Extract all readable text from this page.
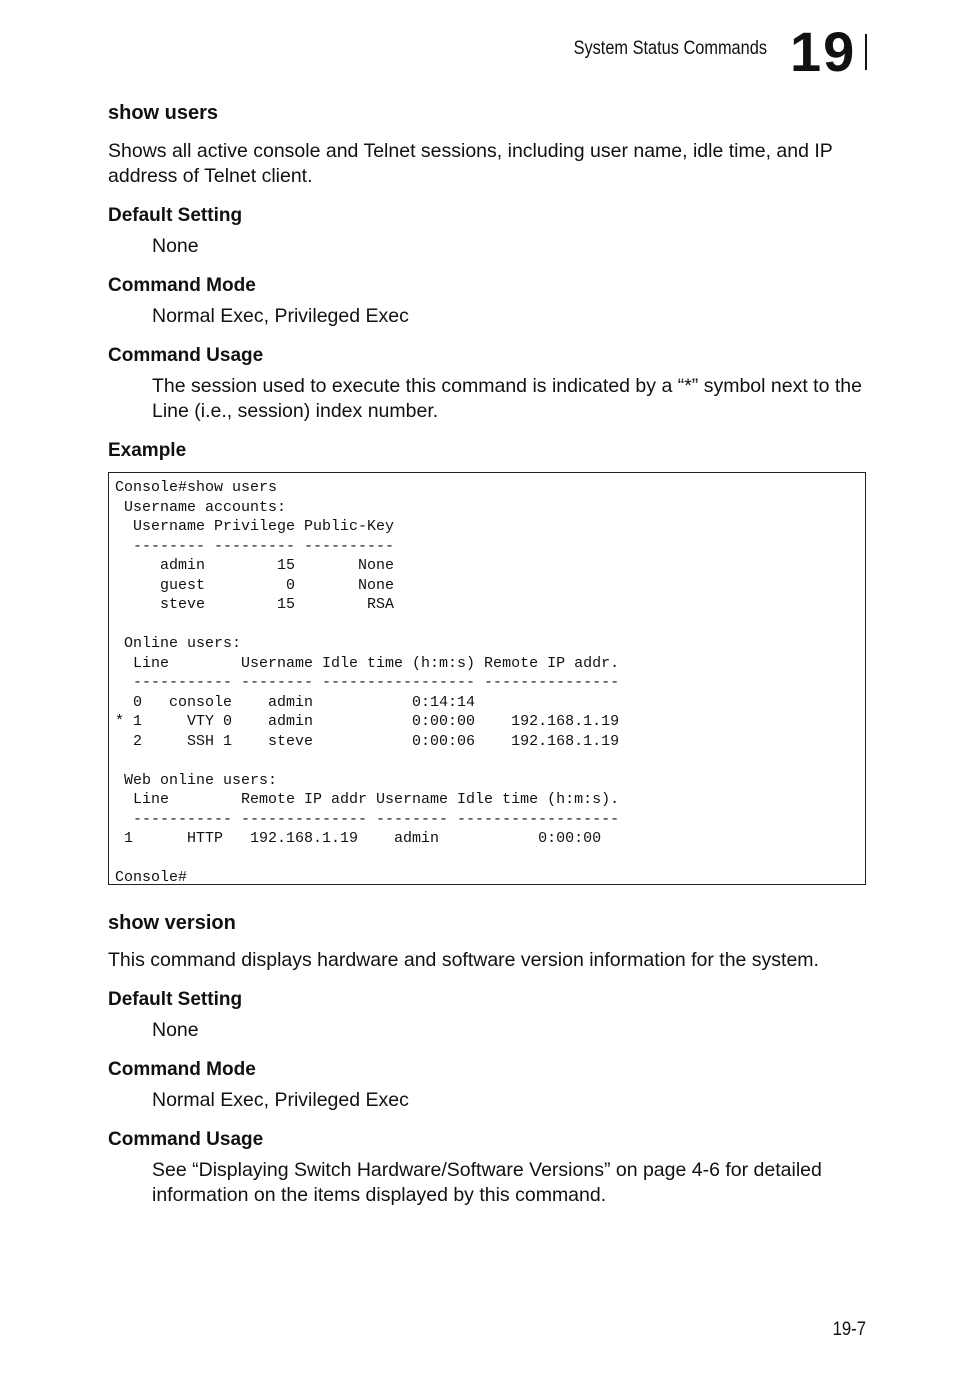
System Status Commands 19
show users
Shows all active console and Telnet sessions, including user name, idle time, and IP address of Telnet client.
Default Setting
None
Command Mode
Normal Exec, Privileged Exec
Command Usage
The session used to execute this command is indicated by a “*” symbol next to the Line (i.e., session) index number.
Example
Console#show users
Username accounts:
Username Privilege Public-Key
-------- --------- ----------
admin        15       None
guest         0       None
steve        15        RSA

Online users:
Line        Username Idle time (h:m:s) Remote IP addr.
----------- -------- ----------------- ---------------
0   console    admin           0:14:14
* 1     VTY 0    admin           0:00:00    192.168.1.19
2     SSH 1    steve           0:00:06    192.168.1.19

Web online users:
Line        Remote IP addr Username Idle time (h:m:s).
----------- -------------- -------- ------------------
1      HTTP   192.168.1.19    admin           0:00:00

Console#
show version
This command displays hardware and software version information for the system.
Default Setting
None
Command Mode
Normal Exec, Privileged Exec
Command Usage
See “Displaying Switch Hardware/Software Versions” on page 4-6 for detailed information on the items displayed by this command.
19-7
